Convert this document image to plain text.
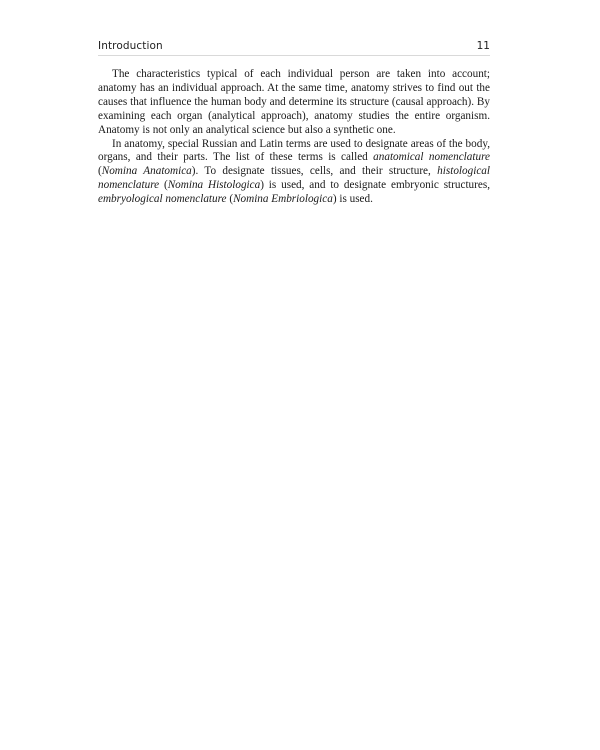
Introduction	11

The characteristics typical of each individual person are taken into account; anatomy has an individual approach. At the same time, anatomy strives to find out the causes that influence the human body and determine its structure (causal approach). By examining each organ (analytical approach), anatomy studies the entire organism. Anatomy is not only an analytical science but also a synthetic one.

In anatomy, special Russian and Latin terms are used to designate areas of the body, organs, and their parts. The list of these terms is called anatomical nomenclature (Nomina Anatomica). To designate tissues, cells, and their structure, histological nomenclature (Nomina Histologica) is used, and to designate embryonic structures, embryological nomenclature (Nomina Embriologica) is used.
